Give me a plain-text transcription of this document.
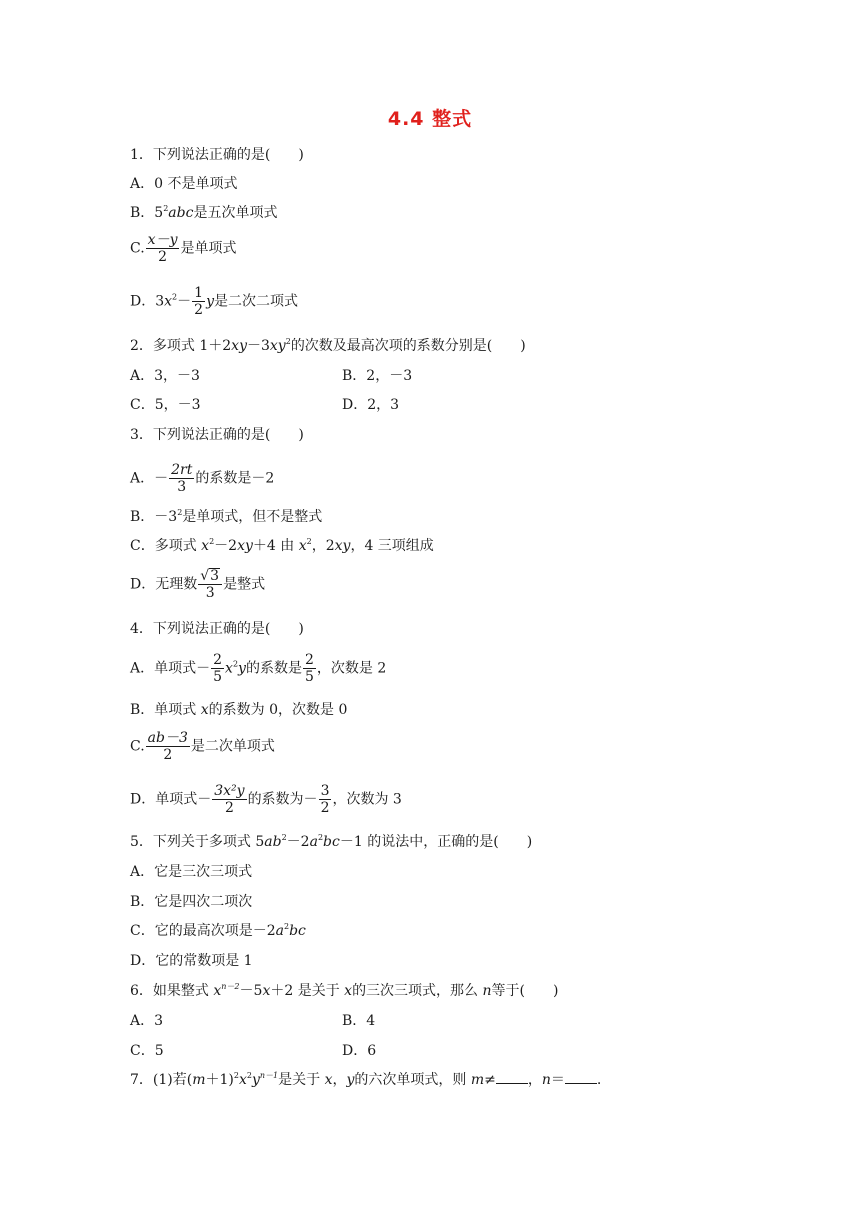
4.4 整式
1．下列说法正确的是( )
A．0 不是单项式
B．$5^2abc$是五次单项式
C. $\frac{x-y}{2}$ 是单项式
D．$3x^2- \frac{1}{2}$ y是二次二项式
2．多项式 $1+2xy-3xy^2$的次数及最高次项的系数分别是( )
A．3，－3	B．2，－3
C．5，－3	D．2，3
3．下列说法正确的是( )
A．－ $\frac{2rt}{3}$ 的系数是－2
B．$-3^2$是单项式，但不是整式
C．多项式 $x^2-2xy+4$ 由 $x^2$，2xy，4 三项组成
D．无理数 $\frac{√3}{3}$ 是整式
4．下列说法正确的是( )
A．单项式－ $\frac{2}{5} x^2y$的系数是 $\frac{2}{5}$ ，次数是 2
B．单项式 x的系数为 0，次数是 0
C. $\frac{ab-3}{2}$ 是二次单项式
D．单项式－ $\frac{\text{3x²y}}{2}$ 的系数为－ $\frac{3}{2}$ ，次数为 3
5．下列关于多项式 $5ab^2-2a^2bc-1$ 的说法中，正确的是( )
A．它是三次三项式
B．它是四次二项次
C．它的最高次项是$-2a^2bc$
D．它的常数项是 1
6．如果整式 $x^{n-2}-5x+2$ 是关于 x的三次三项式，那么 n等于( )
A．3	B．4
C．5	D．6
7．(1)若$(m+1)^2x^2y^{n-1}$是关于 x，y的六次单项式，则 m≠ ，n＝ .
